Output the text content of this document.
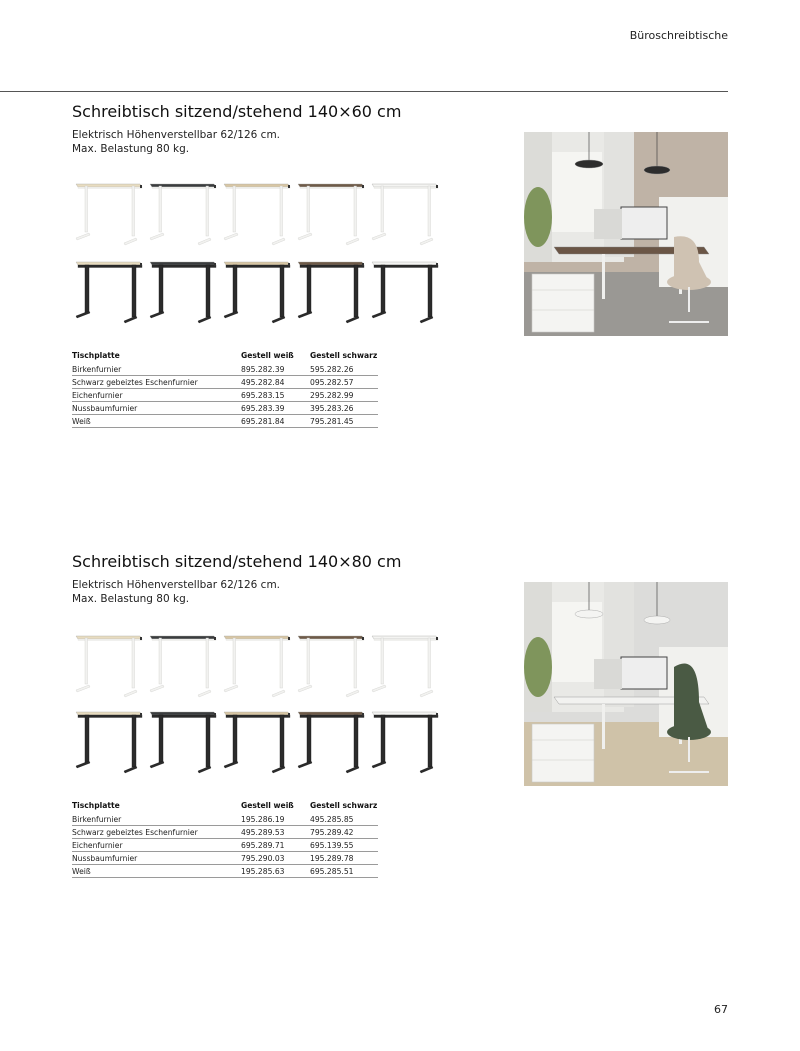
Büroschreibtische
Schreibtisch sitzend/stehend 140×60 cm
Elektrisch Höhenverstellbar 62/126 cm.
Max. Belastung 80 kg.
Tischplatte	Gestell weiß	Gestell schwarz
Birkenfurnier	895.282.39	595.282.26
Schwarz gebeiztes Eschenfurnier	495.282.84	095.282.57
Eichenfurnier	695.283.15	295.282.99
Nussbaumfurnier	695.283.39	395.283.26
Weiß	695.281.84	795.281.45
Schreibtisch sitzend/stehend 140×80 cm
Elektrisch Höhenverstellbar 62/126 cm.
Max. Belastung 80 kg.
Tischplatte	Gestell weiß	Gestell schwarz
Birkenfurnier	195.286.19	495.285.85
Schwarz gebeiztes Eschenfurnier	495.289.53	795.289.42
Eichenfurnier	695.289.71	695.139.55
Nussbaumfurnier	795.290.03	195.289.78
Weiß	195.285.63	695.285.51
67
